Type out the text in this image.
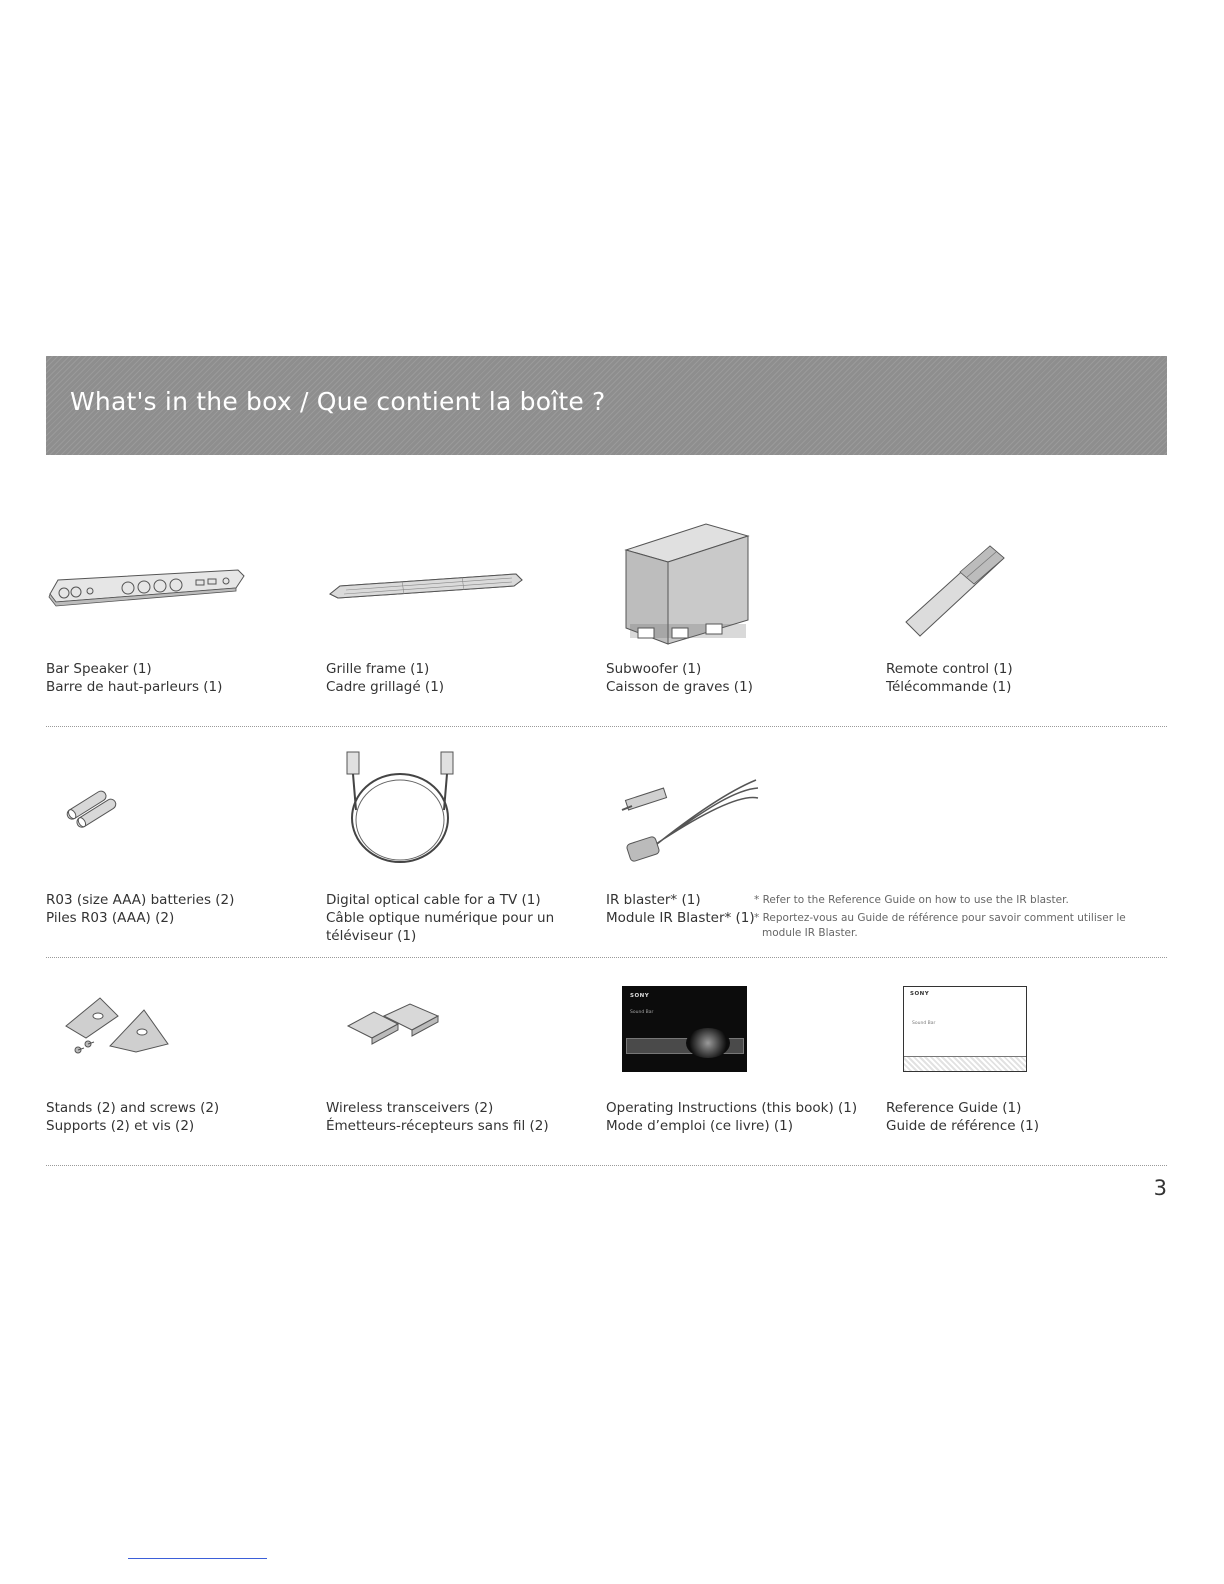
What's in the box / Que contient la boîte ?
Bar Speaker (1)
Barre de haut-parleurs (1)
Grille frame (1)
Cadre grillagé (1)
Subwoofer (1)
Caisson de graves (1)
Remote control (1)
Télécommande (1)
R03 (size AAA) batteries (2)
Piles R03 (AAA) (2)
Digital optical cable for a TV (1)
Câble optique numérique pour un
téléviseur (1)
IR blaster* (1)
Module IR Blaster* (1)
* Refer to the Reference Guide on how to use the IR blaster.
* Reportez-vous au Guide de référence pour savoir comment utiliser le
module IR Blaster.
SONY
Sound Bar
SONY
Sound Bar
Stands (2) and screws (2)
Supports (2) et vis (2)
Wireless transceivers (2)
Émetteurs-récepteurs sans fil (2)
Operating Instructions (this book) (1)
Mode d’emploi (ce livre) (1)
Reference Guide (1)
Guide de référence (1)
3
